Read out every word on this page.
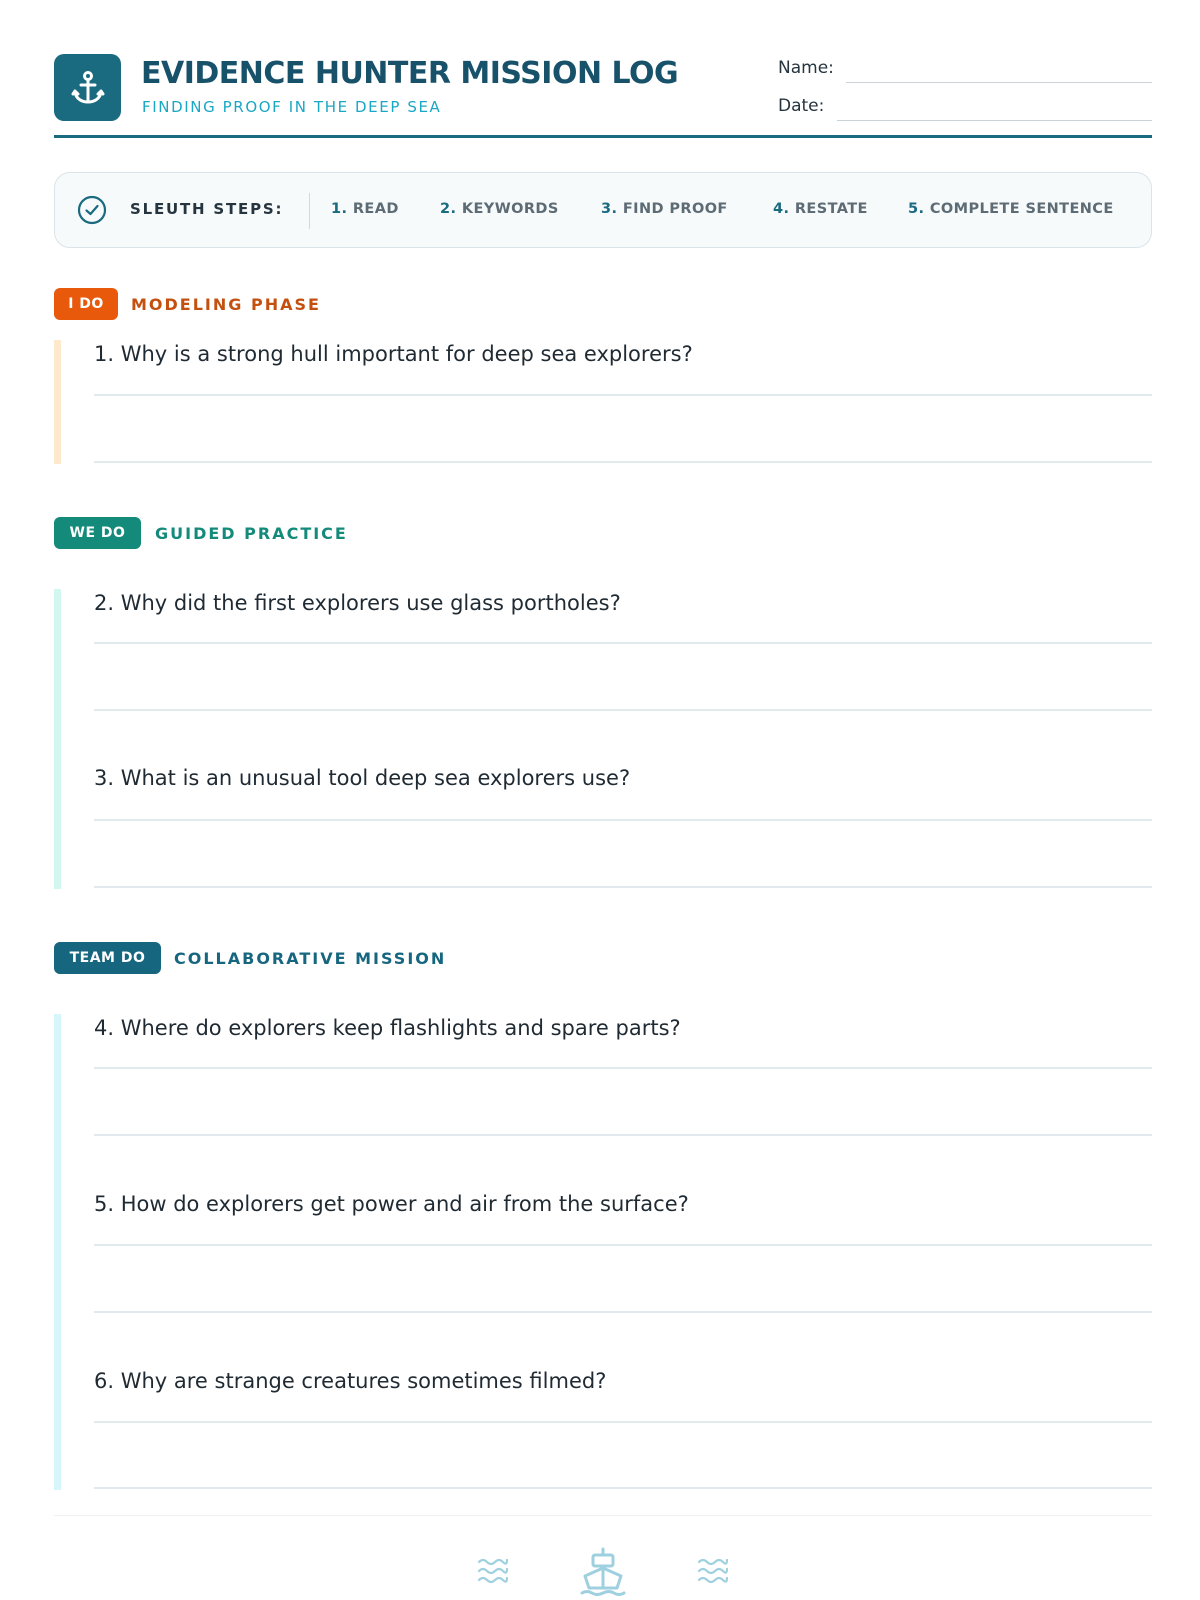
EVIDENCE HUNTER MISSION LOG
FINDING PROOF IN THE DEEP SEA
Name:
Date:
SLEUTH STEPS:	1. READ	2. KEYWORDS	3. FIND PROOF	4. RESTATE	5. COMPLETE SENTENCE
I DO	MODELING PHASE
1. Why is a strong hull important for deep sea explorers?
WE DO	GUIDED PRACTICE
2. Why did the first explorers use glass portholes?
3. What is an unusual tool deep sea explorers use?
TEAM DO	COLLABORATIVE MISSION
4. Where do explorers keep flashlights and spare parts?
5. How do explorers get power and air from the surface?
6. Why are strange creatures sometimes filmed?
